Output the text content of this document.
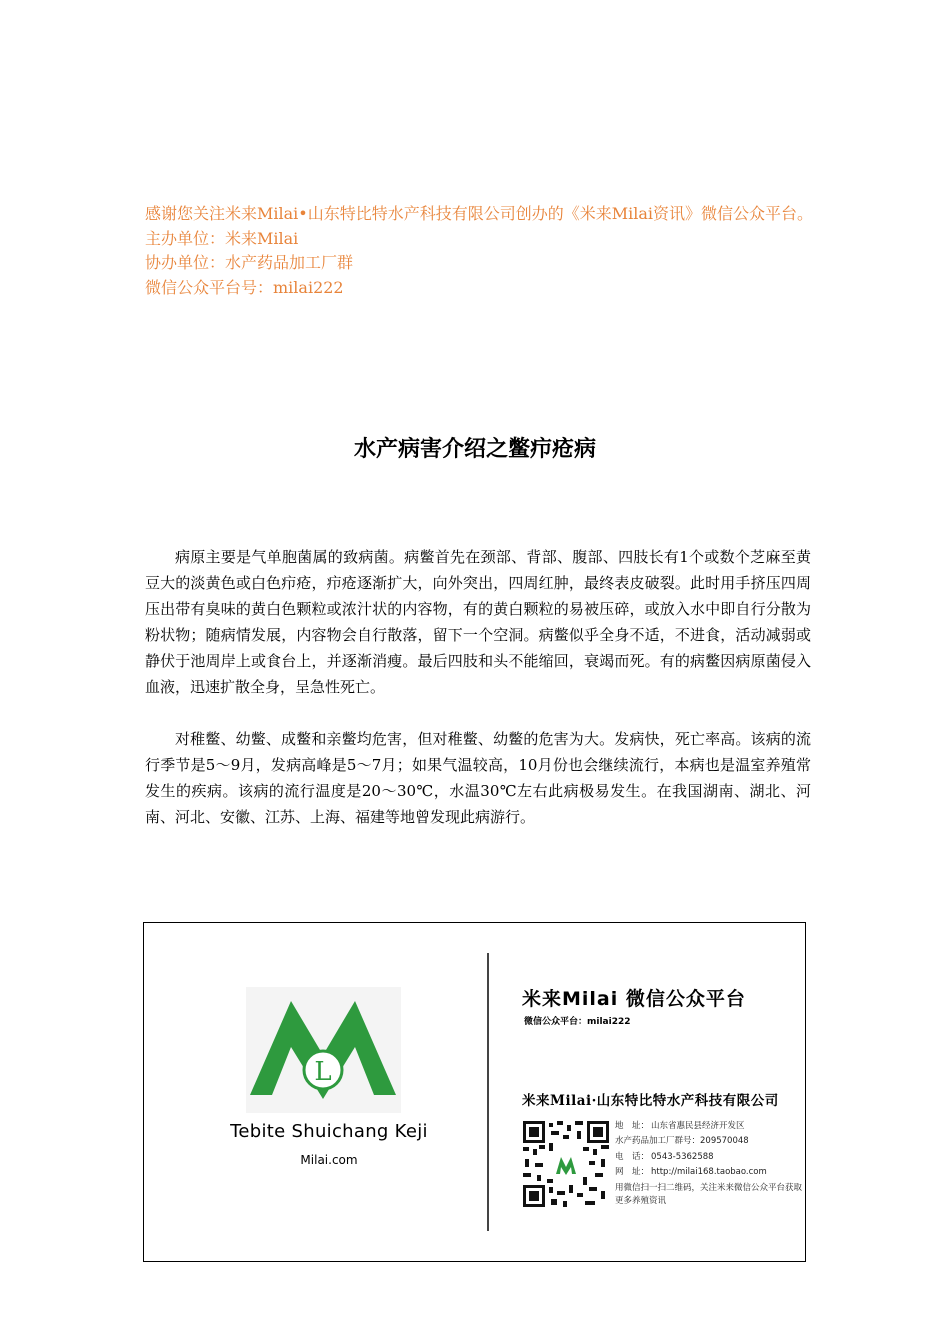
感谢您关注米来Milai•山东特比特水产科技有限公司创办的《米来Milai资讯》微信公众平台。

主办单位：米来Milai

协办单位：水产药品加工厂群

微信公众平台号：milai222

水产病害介绍之鳖疖疮病

病原主要是气单胞菌属的致病菌。病鳖首先在颈部、背部、腹部、四肢长有1个或数个芝麻至黄豆大的淡黄色或白色疖疮，疖疮逐渐扩大，向外突出，四周红肿，最终表皮破裂。此时用手挤压四周压出带有臭味的黄白色颗粒或浓汁状的内容物，有的黄白颗粒的易被压碎，或放入水中即自行分散为粉状物；随病情发展，内容物会自行散落，留下一个空洞。病鳖似乎全身不适，不进食，活动减弱或静伏于池周岸上或食台上，并逐渐消瘦。最后四肢和头不能缩回，衰竭而死。有的病鳖因病原菌侵入血液，迅速扩散全身，呈急性死亡。

对稚鳖、幼鳖、成鳖和亲鳖均危害，但对稚鳖、幼鳖的危害为大。发病快，死亡率高。该病的流行季节是5～9月，发病高峰是5～7月；如果气温较高，10月份也会继续流行，本病也是温室养殖常发生的疾病。该病的流行温度是20～30℃，水温30℃左右此病极易发生。在我国湖南、湖北、河南、河北、安徽、江苏、上海、福建等地曾发现此病游行。

L
Tebite Shuichang Keji
Milai.com
米来Milai 微信公众平台
微信公众平台：milai222
米来Milai·山东特比特水产科技有限公司
地　址： 山东省惠民县经济开发区
水产药品加工厂群号：209570048
电　话： 0543-5362588
网　址： http://milai168.taobao.com
用微信扫一扫二维码，关注米来微信公众平台获取更多养殖资讯
